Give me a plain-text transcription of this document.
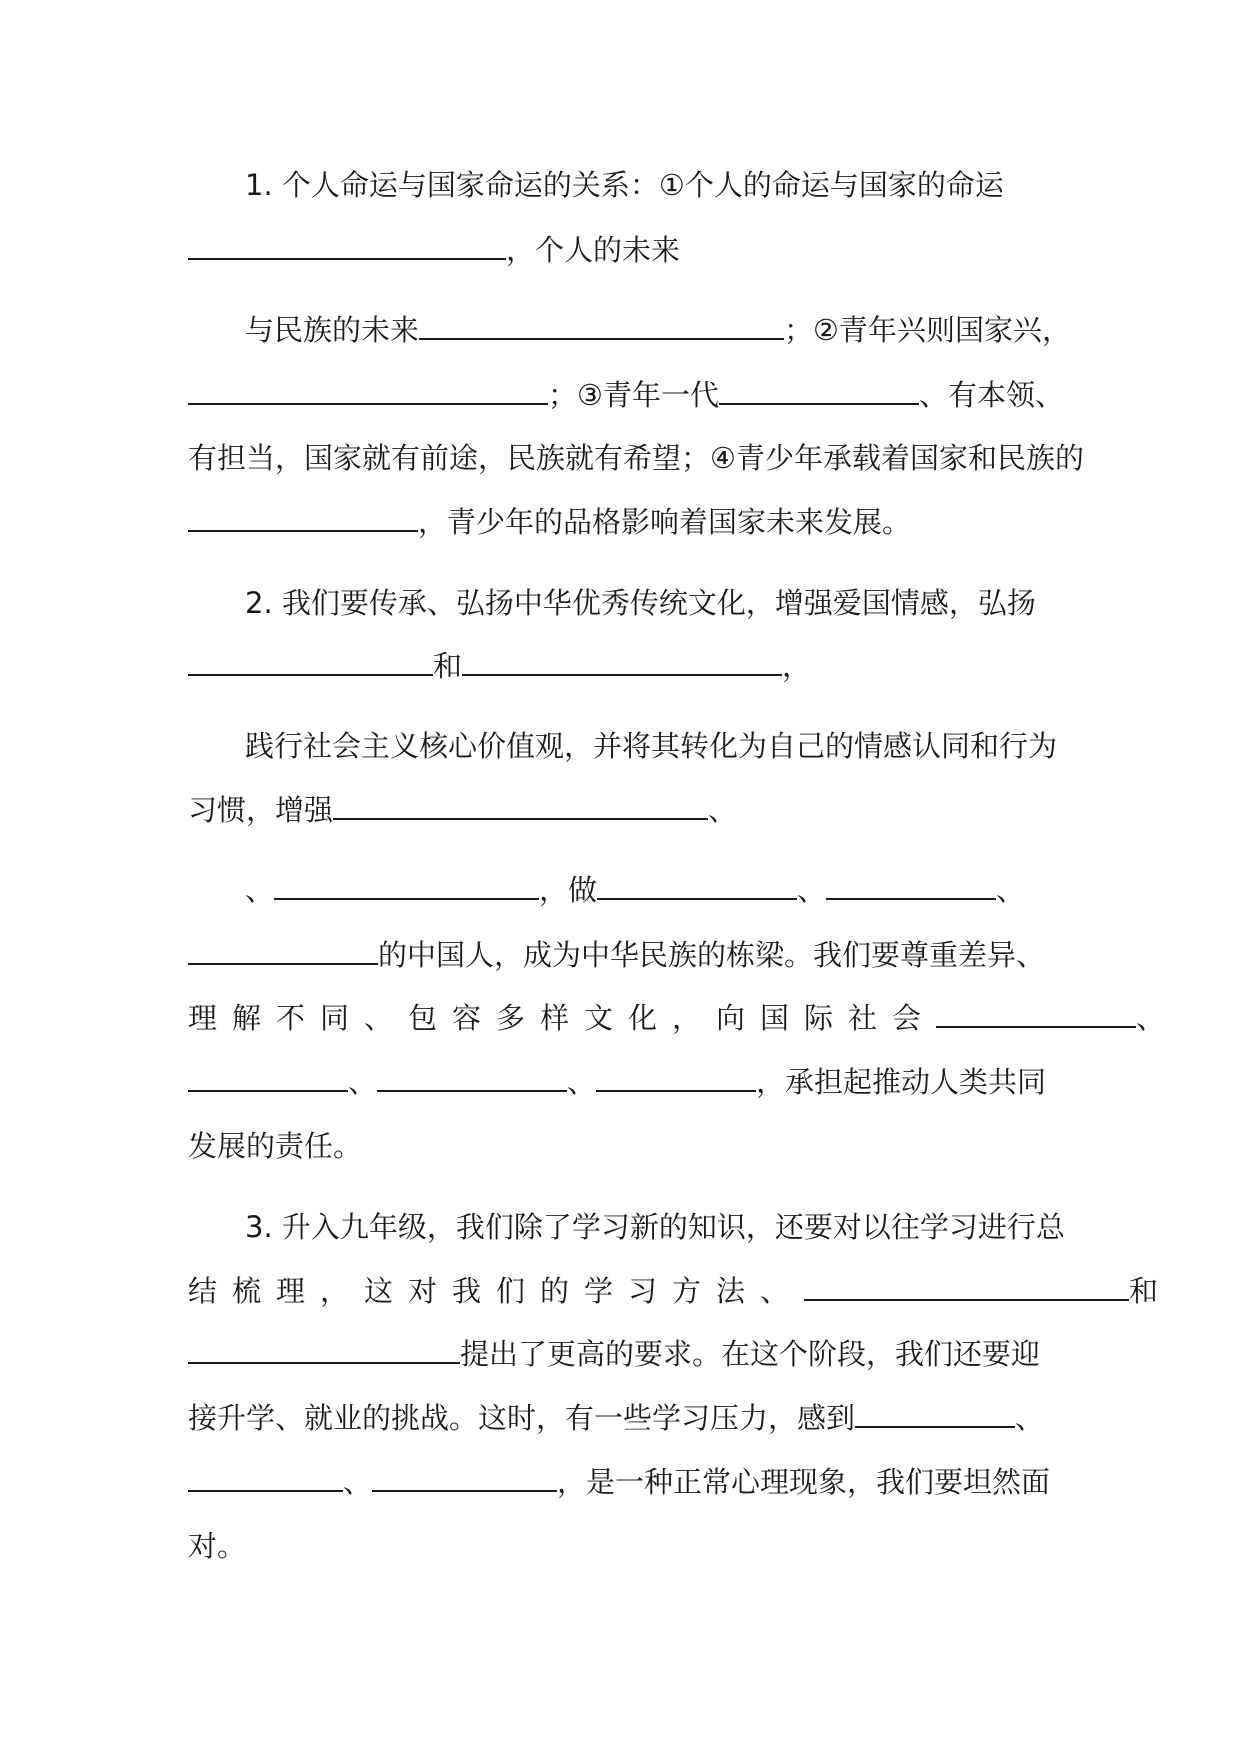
1. 个人命运与国家命运的关系：①个人的命运与国家的命运
，个人的未来
与民族的未来	；②青年兴则国家兴，
；③青年一代	、有本领、
有担当，国家就有前途，民族就有希望；④青少年承载着国家和民族的
，青少年的品格影响着国家未来发展。
2. 我们要传承、弘扬中华优秀传统文化，增强爱国情感，弘扬
和	，
践行社会主义核心价值观，并将其转化为自己的情感认同和行为
习惯，增强	、
、	，做	、	、
的中国人，成为中华民族的栋梁。我们要尊重差异、
理解不同、包容多样文化，向国际社会	、
、	、	，承担起推动人类共同
发展的责任。
3. 升入九年级，我们除了学习新的知识，还要对以往学习进行总
结梳理，这对我们的学习方法、	和
提出了更高的要求。在这个阶段，我们还要迎
接升学、就业的挑战。这时，有一些学习压力，感到	、
、	，是一种正常心理现象，我们要坦然面
对。
